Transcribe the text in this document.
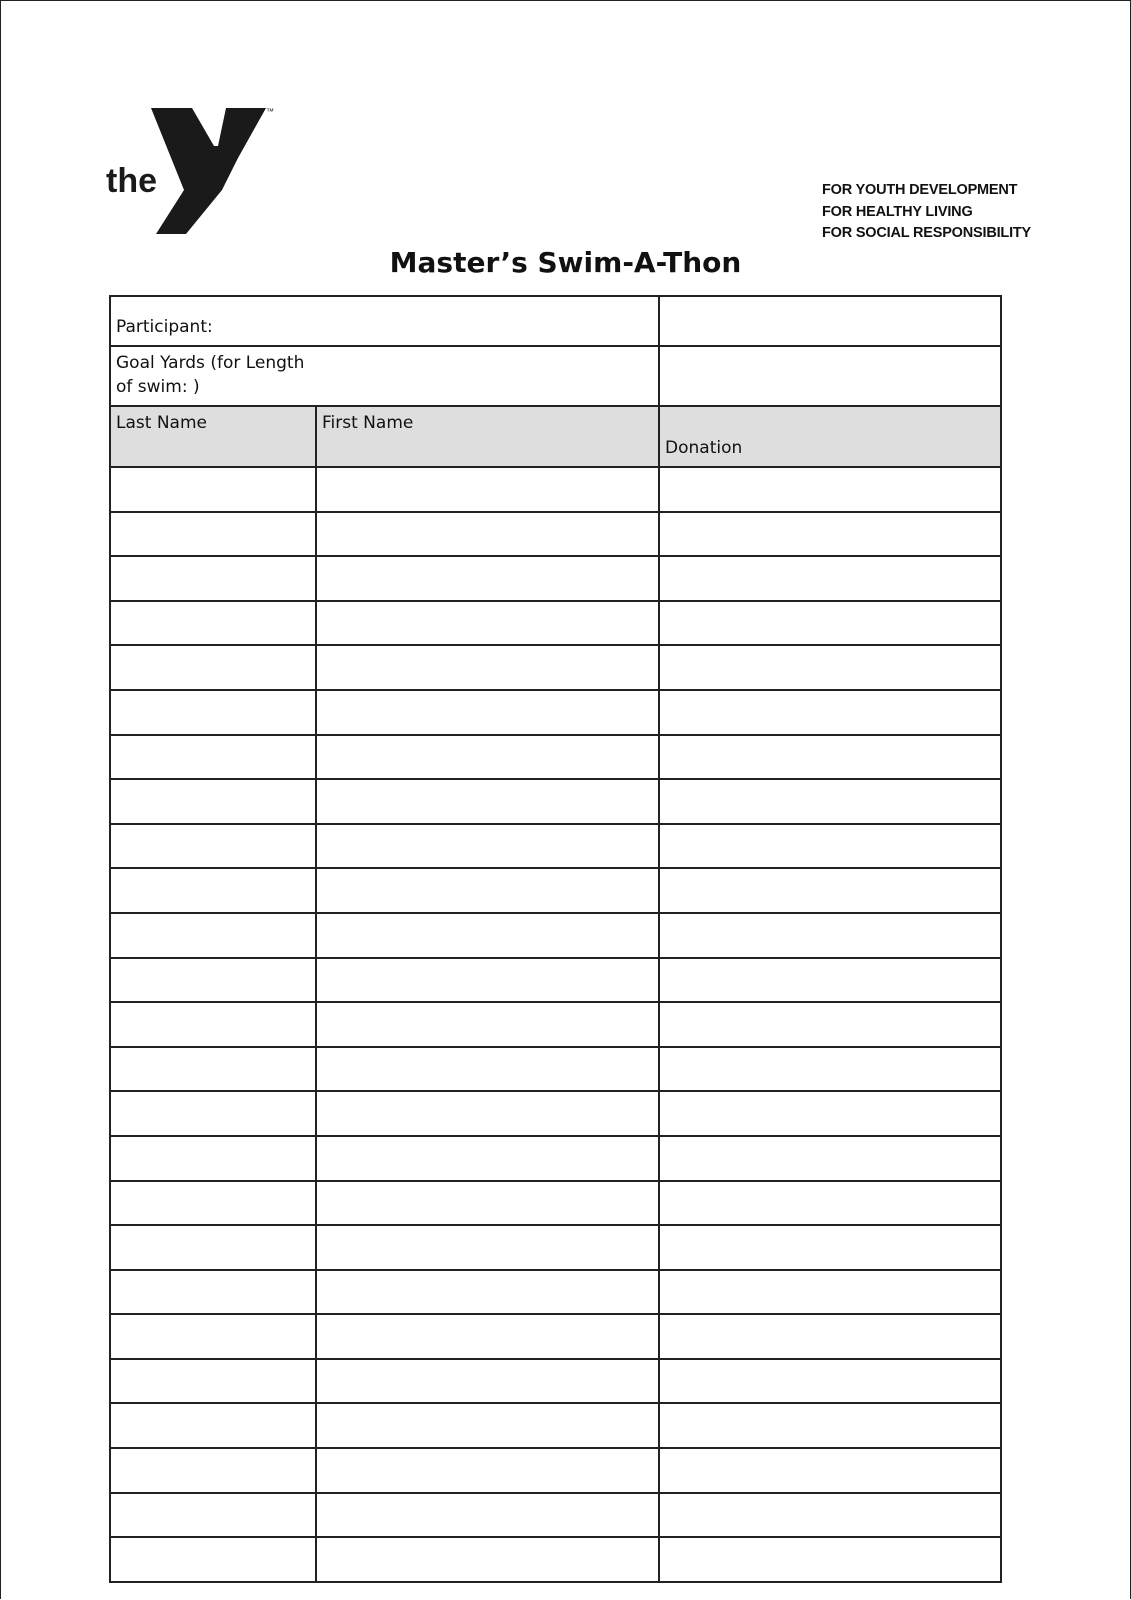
the
YMCA
™
FOR YOUTH DEVELOPMENT
FOR HEALTHY LIVING
FOR SOCIAL RESPONSIBILITY
Master’s Swim-A-Thon
Participant:		

Goal Yards (for Length
of swim: )		

Last Name	First Name	Donation
